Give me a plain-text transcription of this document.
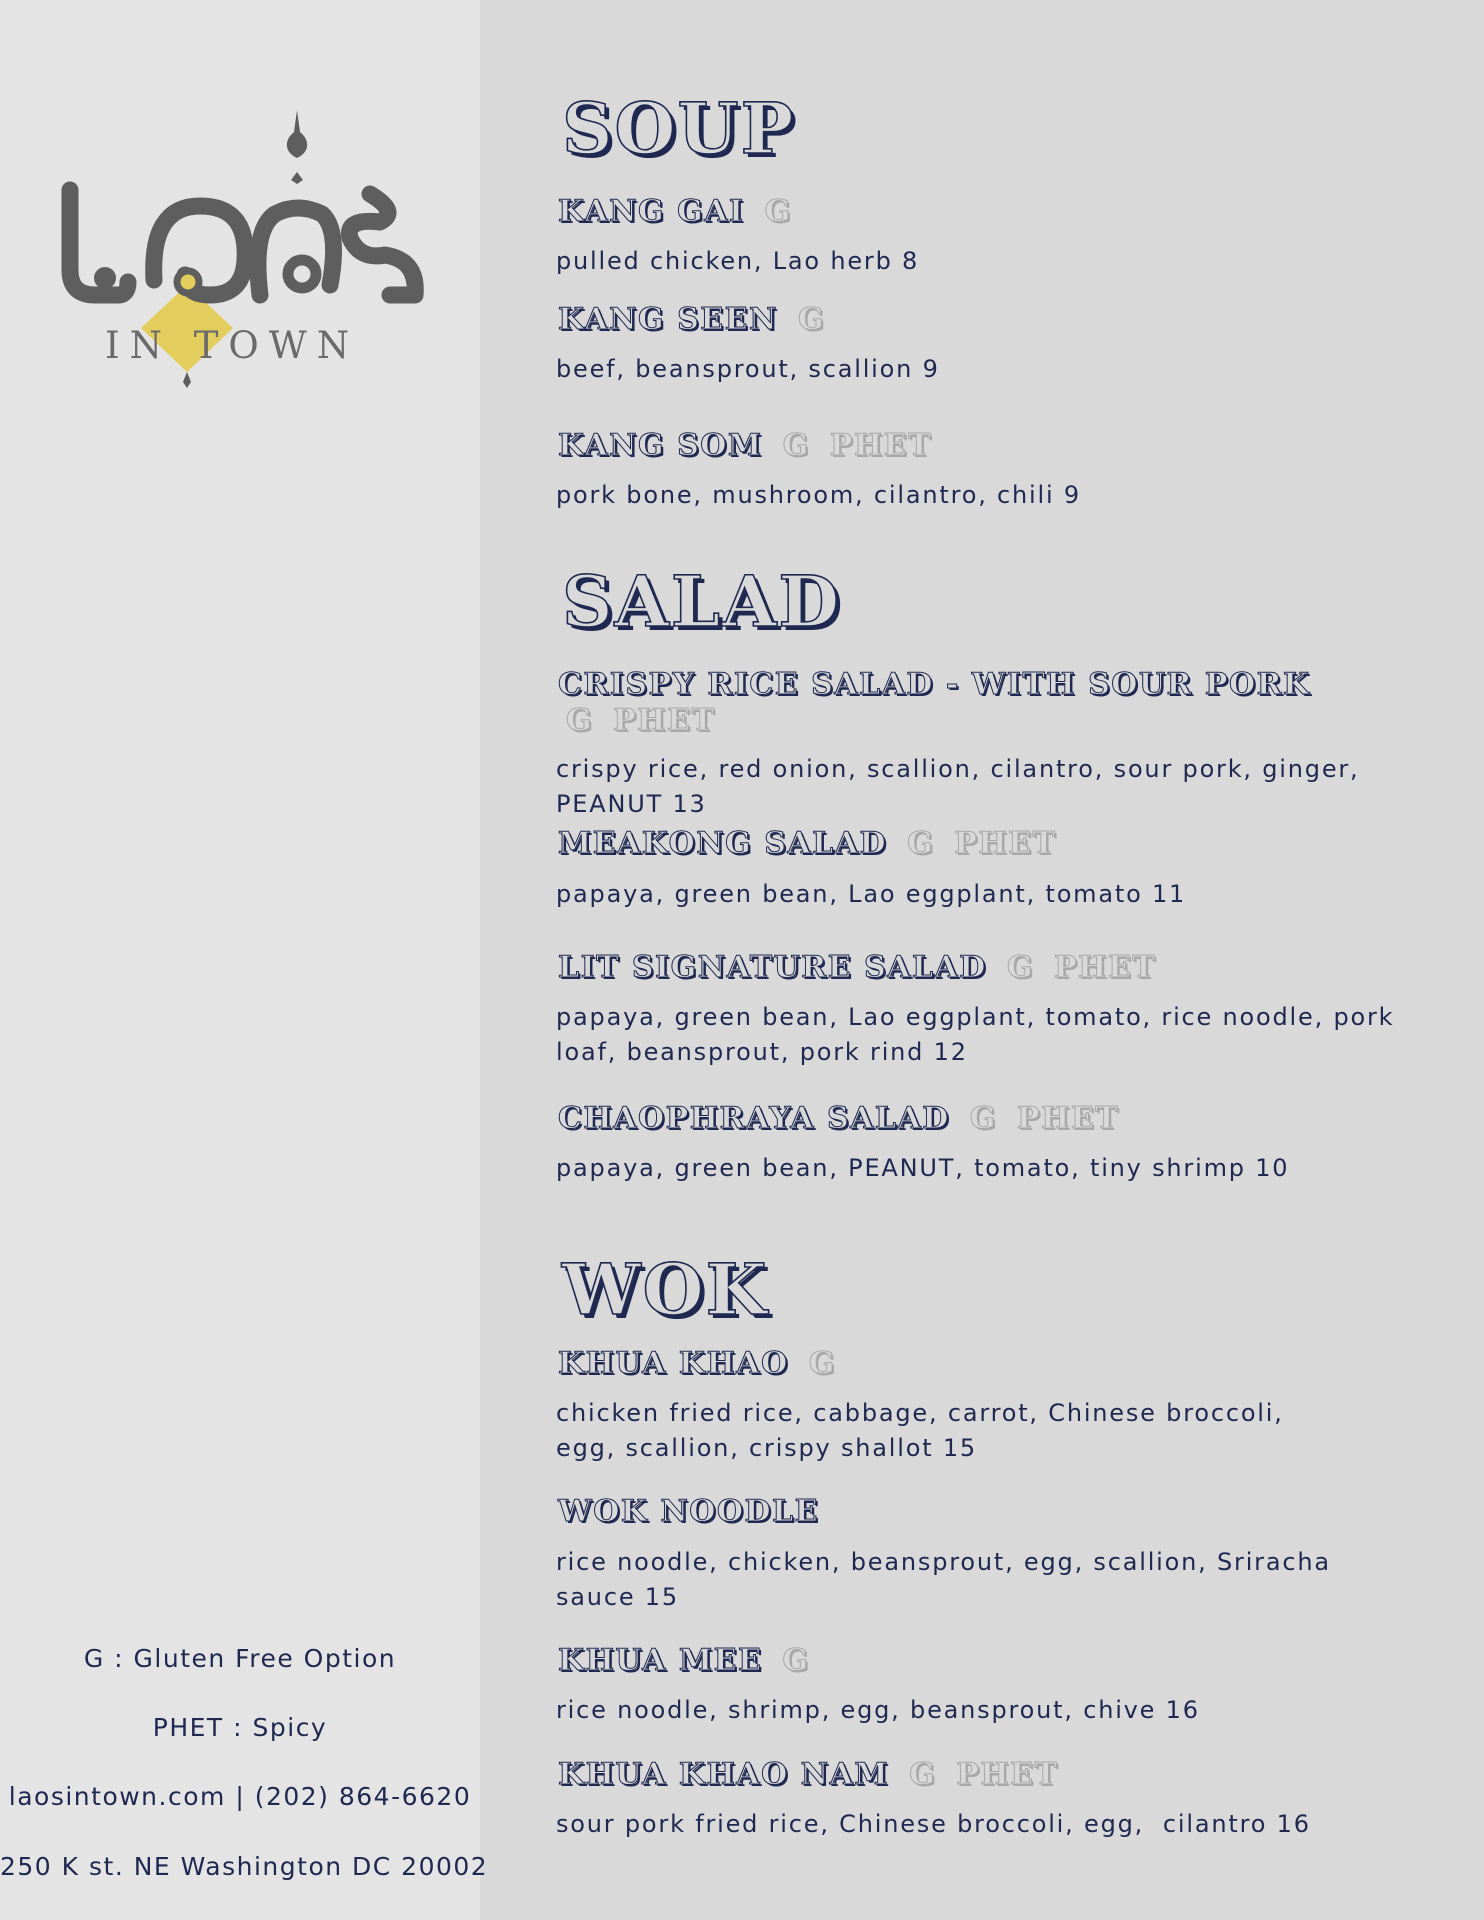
IN TOWN
G : Gluten Free Option
PHET : Spicy
laosintown.com | (202) 864-6620
250 K st. NE Washington DC 20002
SOUP
KANG GAI G
pulled chicken, Lao herb 8
KANG SEEN G
beef, beansprout, scallion 9
KANG SOM G PHET
pork bone, mushroom, cilantro, chili 9
SALAD
CRISPY RICE SALAD - WITH SOUR PORK
G PHET
crispy rice, red onion, scallion, cilantro, sour pork, ginger, PEANUT 13
MEAKONG SALAD G PHET
papaya, green bean, Lao eggplant, tomato 11
LIT SIGNATURE SALAD G PHET
papaya, green bean, Lao eggplant, tomato, rice noodle, pork loaf, beansprout, pork rind 12
CHAOPHRAYA SALAD G PHET
papaya, green bean, PEANUT, tomato, tiny shrimp 10
WOK
KHUA KHAO G
chicken fried rice, cabbage, carrot, Chinese broccoli, egg, scallion, crispy shallot 15
WOK NOODLE
rice noodle, chicken, beansprout, egg, scallion, Sriracha sauce 15
KHUA MEE G
rice noodle, shrimp, egg, beansprout, chive 16
KHUA KHAO NAM G PHET
sour pork fried rice, Chinese broccoli, egg,  cilantro 16
